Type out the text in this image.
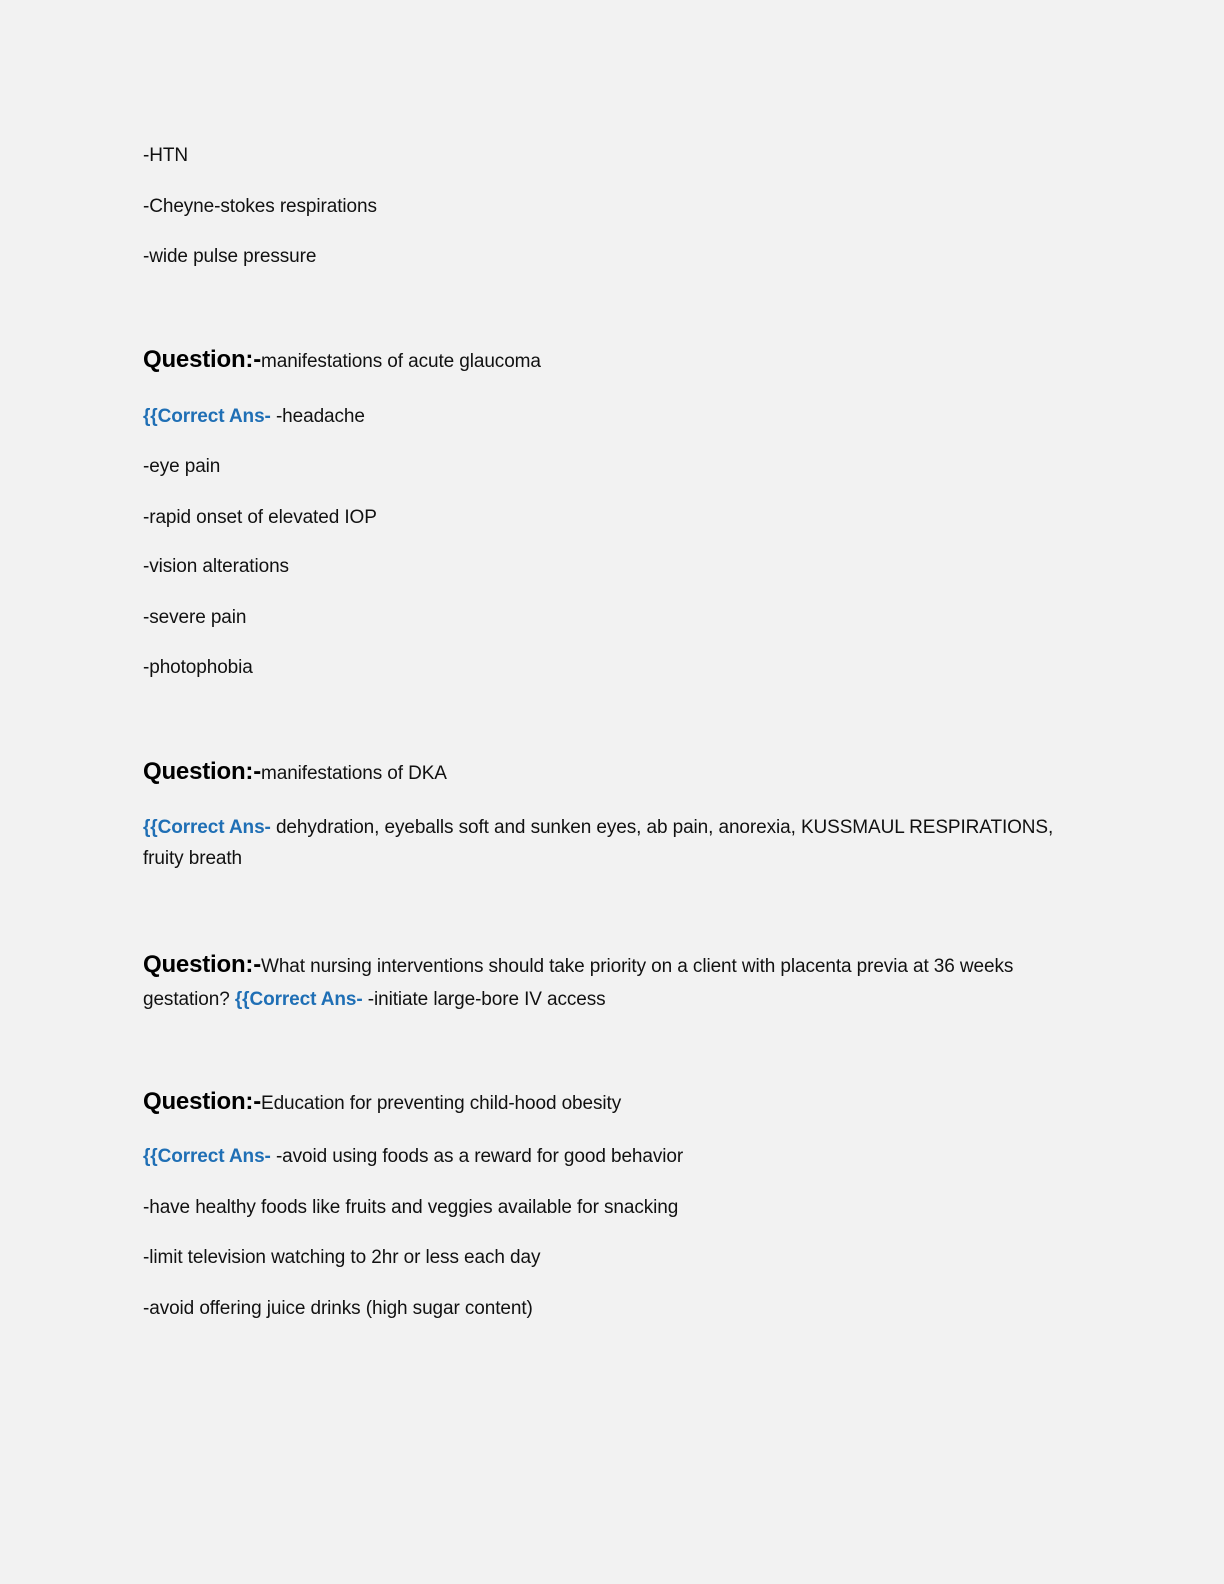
-HTN
-Cheyne-stokes respirations
-wide pulse pressure
Question:-manifestations of acute glaucoma
{{Correct Ans- -headache
-eye pain
-rapid onset of elevated IOP
-vision alterations
-severe pain
-photophobia
Question:-manifestations of DKA
{{Correct Ans- dehydration, eyeballs soft and sunken eyes, ab pain, anorexia, KUSSMAUL RESPIRATIONS, fruity breath
Question:-What nursing interventions should take priority on a client with placenta previa at 36 weeks gestation? {{Correct Ans- -initiate large-bore IV access
Question:-Education for preventing child-hood obesity
{{Correct Ans- -avoid using foods as a reward for good behavior
-have healthy foods like fruits and veggies available for snacking
-limit television watching to 2hr or less each day
-avoid offering juice drinks (high sugar content)
